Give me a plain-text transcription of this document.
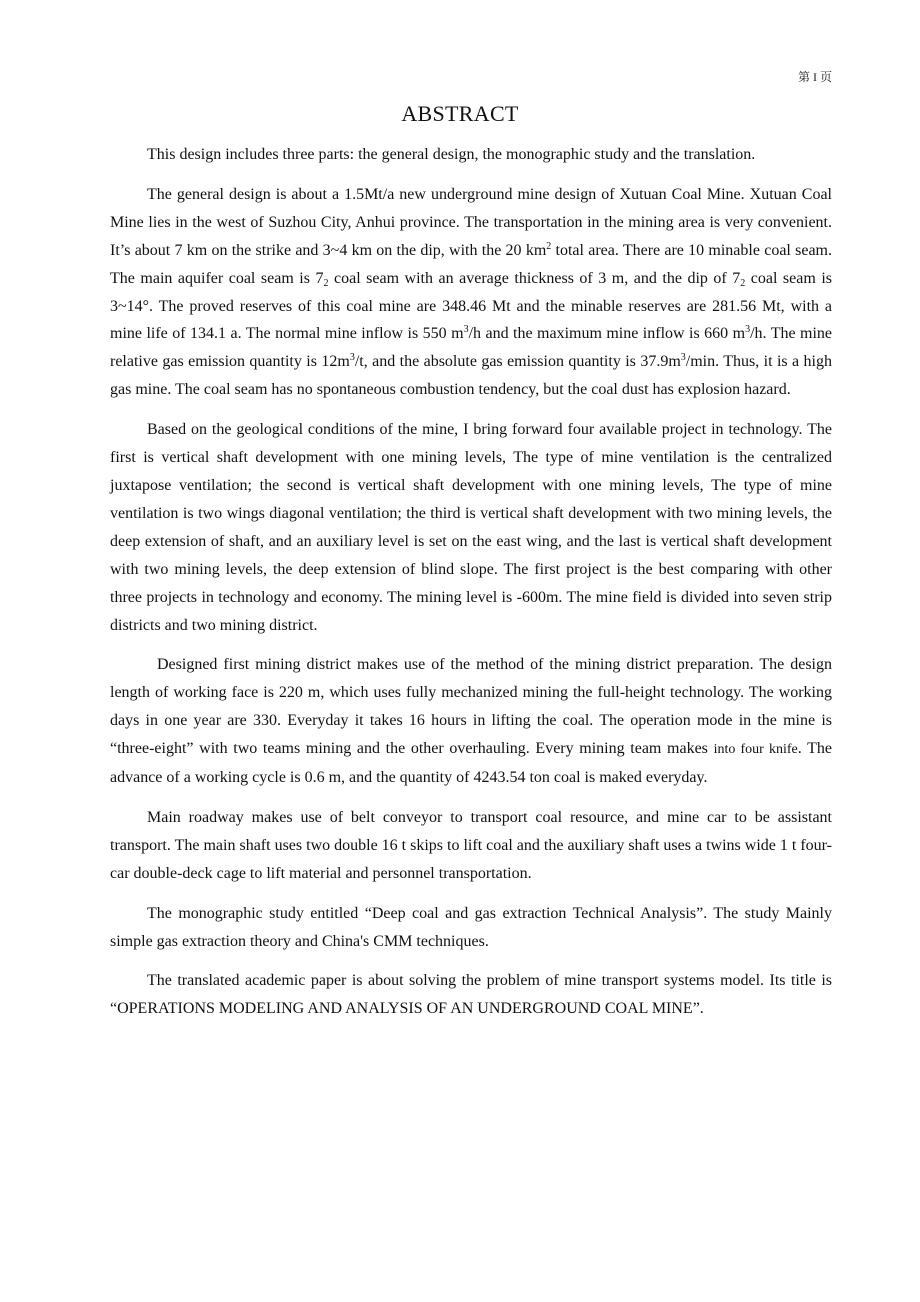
第 I 页
ABSTRACT

This design includes three parts: the general design, the monographic study and the translation.

The general design is about a 1.5Mt/a new underground mine design of Xutuan Coal Mine. Xutuan Coal Mine lies in the west of Suzhou City, Anhui province. The transportation in the mining area is very convenient. It’s about 7 km on the strike and 3~4 km on the dip, with the 20 $km^2$ total area. There are 10 minable coal seam. The main aquifer coal seam is $7_2$ coal seam with an average thickness of 3 m, and the dip of $7_2$ coal seam is 3~14°. The proved reserves of this coal mine are 348.46 Mt and the minable reserves are 281.56 Mt, with a mine life of 134.1 a. The normal mine inflow is 550 $m^3/h$ and the maximum mine inflow is 660 $m^3/h$. The mine relative gas emission quantity is $12m^3/t$, and the absolute gas emission quantity is $37.9m^3/\min$. Thus, it is a high gas mine. The coal seam has no spontaneous combustion tendency, but the coal dust has explosion hazard.

Based on the geological conditions of the mine, I bring forward four available project in technology. The first is vertical shaft development with one mining levels, The type of mine ventilation is the centralized juxtapose ventilation; the second is vertical shaft development with one mining levels, The type of mine ventilation is two wings diagonal ventilation; the third is vertical shaft development with two mining levels, the deep extension of shaft, and an auxiliary level is set on the east wing, and the last is vertical shaft development with two mining levels, the deep extension of blind slope. The first project is the best comparing with other three projects in technology and economy. The mining level is -600m. The mine field is divided into seven strip districts and two mining district.

Designed first mining district makes use of the method of the mining district preparation. The design length of working face is 220 m, which uses fully mechanized mining the full-height technology. The working days in one year are 330. Everyday it takes 16 hours in lifting the coal. The operation mode in the mine is “three-eight” with two teams mining and the other overhauling. Every mining team makes into four knife. The advance of a working cycle is 0.6 m, and the quantity of 4243.54 ton coal is maked everyday.

Main roadway makes use of belt conveyor to transport coal resource, and mine car to be assistant transport. The main shaft uses two double 16 t skips to lift coal and the auxiliary shaft uses a twins wide 1 t four-car double-deck cage to lift material and personnel transportation.

The monographic study entitled “Deep coal and gas extraction Technical Analysis”. The study Mainly simple gas extraction theory and China's CMM techniques.

The translated academic paper is about solving the problem of mine transport systems model. Its title is “OPERATIONS MODELING AND ANALYSIS OF AN UNDERGROUND COAL MINE”.
